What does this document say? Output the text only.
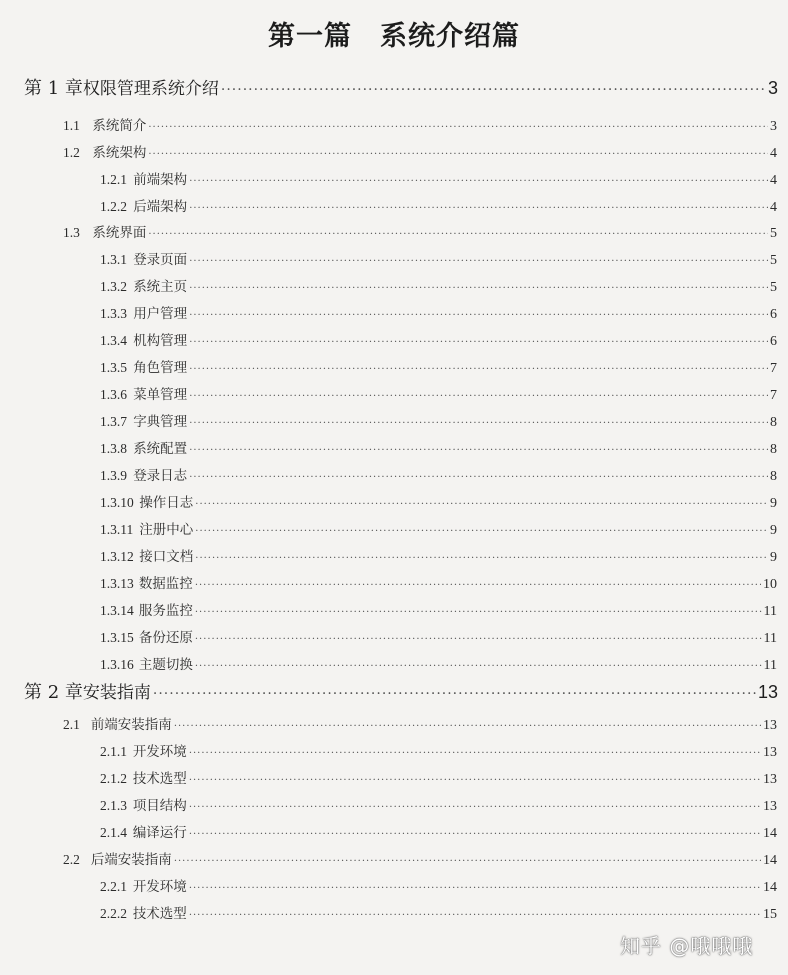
第一篇　系统介绍篇
第 1 章 权限管理系统介绍 ·····	3
1.1 系统简介 ·····	3
1.2 系统架构 ·····	4
1.2.1 前端架构 ·····	4
1.2.2 后端架构 ·····	4
1.3 系统界面 ·····	5
1.3.1 登录页面 ·····	5
1.3.2 系统主页 ·····	5
1.3.3 用户管理 ·····	6
1.3.4 机构管理 ·····	6
1.3.5 角色管理 ·····	7
1.3.6 菜单管理 ·····	7
1.3.7 字典管理 ·····	8
1.3.8 系统配置 ·····	8
1.3.9 登录日志 ·····	8
1.3.10 操作日志 ·····	9
1.3.11 注册中心 ·····	9
1.3.12 接口文档 ·····	9
1.3.13 数据监控 ·····	10
1.3.14 服务监控 ·····	11
1.3.15 备份还原 ·····	11
1.3.16 主题切换 ·····	11
第 2 章 安装指南 ·····	13
2.1 前端安装指南 ·····	13
2.1.1 开发环境 ·····	13
2.1.2 技术选型 ·····	13
2.1.3 项目结构 ·····	13
2.1.4 编译运行 ·····	14
2.2 后端安装指南 ·····	14
2.2.1 开发环境 ·····	14
2.2.2 技术选型 ·····	15
知乎 @哦哦哦
